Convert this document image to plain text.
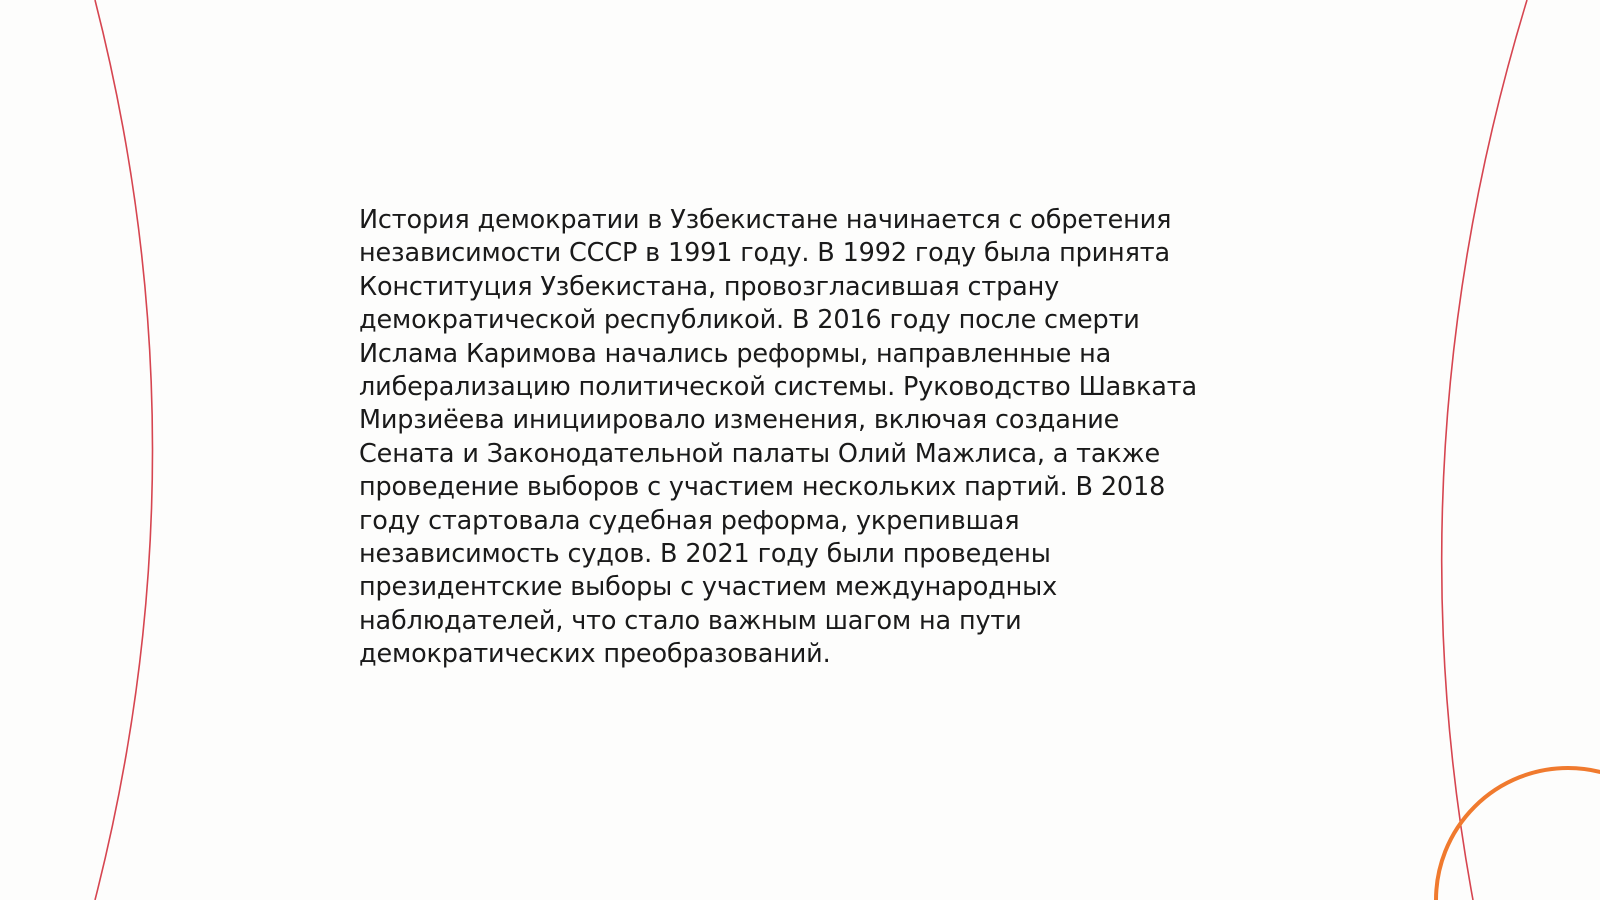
История демократии в Узбекистане начинается с обретения
независимости СССР в 1991 году. В 1992 году была принята
Конституция Узбекистана, провозгласившая страну
демократической республикой. В 2016 году после смерти
Ислама Каримова начались реформы, направленные на
либерализацию политической системы. Руководство Шавката
Мирзиёева инициировало изменения, включая создание
Сената и Законодательной палаты Олий Мажлиса, а также
проведение выборов с участием нескольких партий. В 2018
году стартовала судебная реформа, укрепившая
независимость судов. В 2021 году были проведены
президентские выборы с участием международных
наблюдателей, что стало важным шагом на пути
демократических преобразований.
